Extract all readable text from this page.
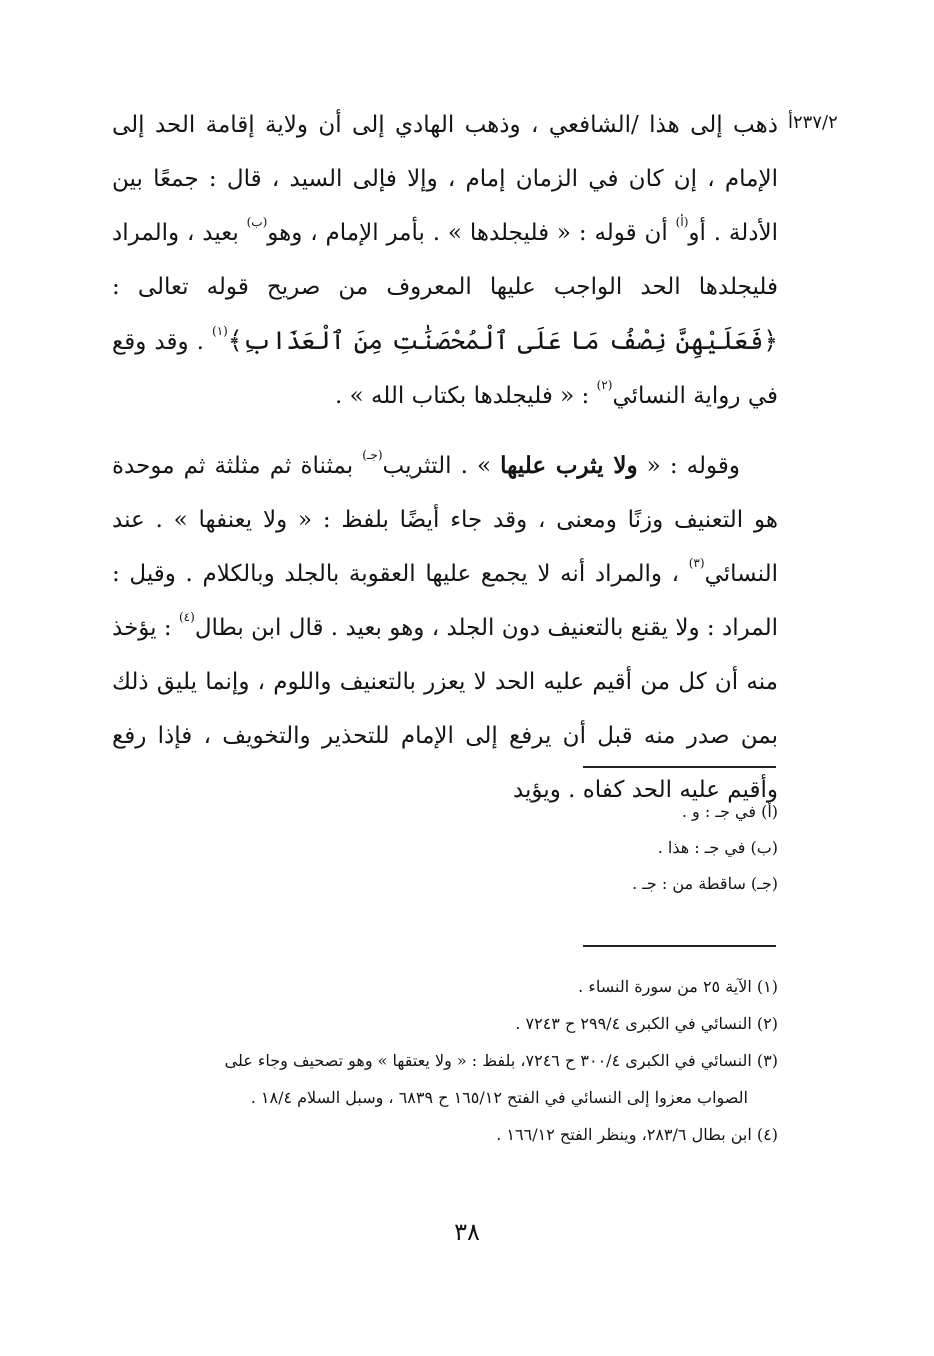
٢٣٧/٢أ

ذهب إلى هذا /الشافعي ، وذهب الهادي إلى أن ولاية إقامة الحد إلى الإمام ، إن كان في الزمان إمام ، وإلا فإلى السيد ، قال : جمعًا بين الأدلة . أو$^{(أ)}$ أن قوله : « فليجلدها » . بأمر الإمام ، وهو$^{(ب)}$ بعيد ، والمراد فليجلدها الحد الواجب عليها المعروف من صريح قوله تعالى : ﴿فَعَلَيْهِنَّ نِصْفُ مَا عَلَى ٱلْمُحْصَنَٰتِ مِنَ ٱلْعَذَابِ﴾$^{(١)}$ . وقد وقع في رواية النسائي$^{(٢)}$ : « فليجلدها بكتاب الله » .

وقوله : « ولا يثرب عليها » . التثريب$^{(جـ)}$ بمثناة ثم مثلثة ثم موحدة هو التعنيف وزنًا ومعنى ، وقد جاء أيضًا بلفظ : « ولا يعنفها » . عند النسائي$^{(٣)}$ ، والمراد أنه لا يجمع عليها العقوبة بالجلد وبالكلام . وقيل : المراد : ولا يقنع بالتعنيف دون الجلد ، وهو بعيد . قال ابن بطال$^{(٤)}$ : يؤخذ منه أن كل من أقيم عليه الحد لا يعزر بالتعنيف واللوم ، وإنما يليق ذلك بمن صدر منه قبل أن يرفع إلى الإمام للتحذير والتخويف ، فإذا رفع وأقيم عليه الحد كفاه . ويؤيد

(أ) في جـ : و .

(ب) في جـ : هذا .

(جـ) ساقطة من : جـ .

(١) الآية ٢٥ من سورة النساء .

(٢) النسائي في الكبرى ٢٩٩/٤ ح ٧٢٤٣ .

(٣) النسائي في الكبرى ٣٠٠/٤ ح ٧٢٤٦، بلفظ : « ولا يعتقها » وهو تصحيف وجاء على

الصواب معزوا إلى النسائي في الفتح ١٦٥/١٢ ح ٦٨٣٩ ، وسبل السلام ١٨/٤ .

(٤) ابن بطال ٢٨٣/٦، وينظر الفتح ١٦٦/١٢ .

٣٨
